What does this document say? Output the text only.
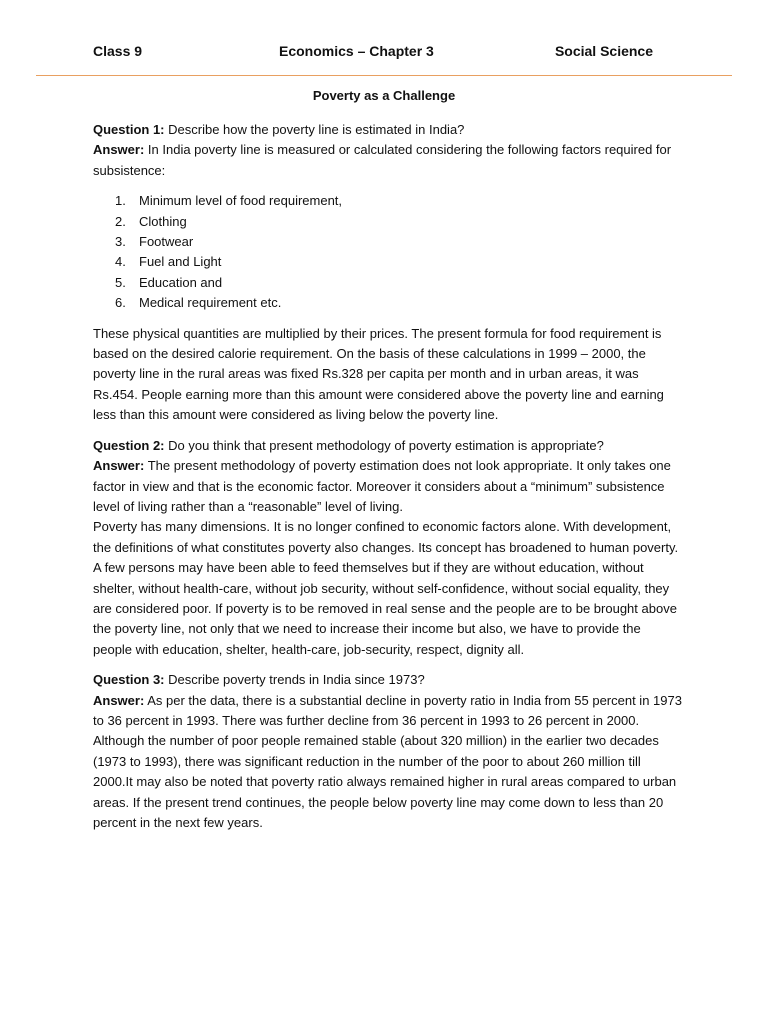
Class 9	Economics – Chapter 3	Social Science
Poverty as a Challenge

Question 1: Describe how the poverty line is estimated in India?

Answer: In India poverty line is measured or calculated considering the following factors required for subsistence:

1. Minimum level of food requirement,
2. Clothing
3. Footwear
4. Fuel and Light
5. Education and
6. Medical requirement etc.

These physical quantities are multiplied by their prices. The present formula for food requirement is based on the desired calorie requirement. On the basis of these calculations in 1999 – 2000, the poverty line in the rural areas was fixed Rs.328 per capita per month and in urban areas, it was Rs.454. People earning more than this amount were considered above the poverty line and earning less than this amount were considered as living below the poverty line.

Question 2: Do you think that present methodology of poverty estimation is appropriate?

Answer: The present methodology of poverty estimation does not look appropriate. It only takes one factor in view and that is the economic factor. Moreover it considers about a “minimum” subsistence level of living rather than a “reasonable” level of living.

Poverty has many dimensions. It is no longer confined to economic factors alone. With development, the definitions of what constitutes poverty also changes. Its concept has broadened to human poverty. A few persons may have been able to feed themselves but if they are without education, without shelter, without health-care, without job security, without self-confidence, without social equality, they are considered poor. If poverty is to be removed in real sense and the people are to be brought above the poverty line, not only that we need to increase their income but also, we have to provide the people with education, shelter, health-care, job-security, respect, dignity all.

Question 3: Describe poverty trends in India since 1973?

Answer: As per the data, there is a substantial decline in poverty ratio in India from 55 percent in 1973 to 36 percent in 1993. There was further decline from 36 percent in 1993 to 26 percent in 2000. Although the number of poor people remained stable (about 320 million) in the earlier two decades (1973 to 1993), there was significant reduction in the number of the poor to about 260 million till 2000.It may also be noted that poverty ratio always remained higher in rural areas compared to urban areas. If the present trend continues, the people below poverty line may come down to less than 20 percent in the next few years.
